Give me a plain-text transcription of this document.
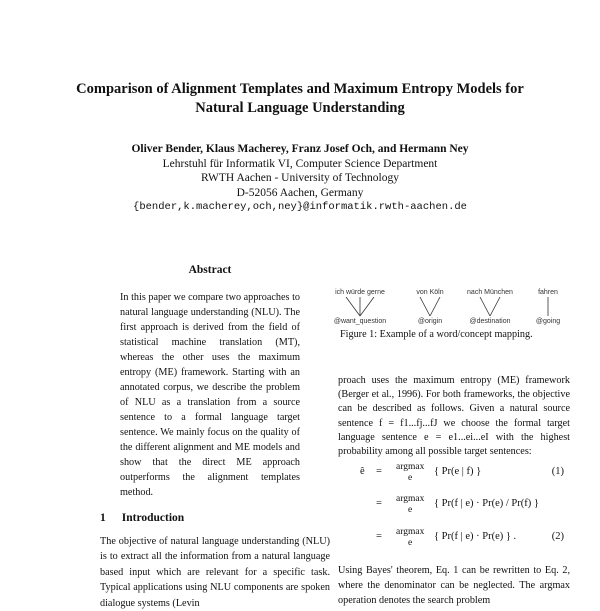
Comparison of Alignment Templates and Maximum Entropy Models for
Natural Language Understanding
Oliver Bender, Klaus Macherey, Franz Josef Och, and Hermann Ney
Lehrstuhl für Informatik VI, Computer Science Department
RWTH Aachen - University of Technology
D-52056 Aachen, Germany
{bender,k.macherey,och,ney}@informatik.rwth-aachen.de
Abstract
In this paper we compare two approaches to natural language understanding (NLU). The first approach is derived from the field of statistical machine translation (MT), whereas the other uses the maximum entropy (ME) framework. Starting with an annotated corpus, we describe the problem of NLU as a translation from a source sentence to a formal language target sentence. We mainly focus on the quality of the different alignment and ME models and show that the direct ME approach outperforms the alignment templates method.
1 Introduction
The objective of natural language understanding (NLU) is to extract all the information from a natural language based input which are relevant for a specific task. Typical applications using NLU components are spoken dialogue systems (Levin
ich würde gerne	von Köln	nach München	fahren
@want_question	@origin	@destination	@going
Figure 1: Example of a word/concept mapping.
proach uses the maximum entropy (ME) framework (Berger et al., 1996). For both frameworks, the objective can be described as follows. Given a natural source sentence f = f1...fj...fJ we choose the formal target language sentence e = e1...ei...eI with the highest probability among all possible target sentences:
ê = argmax
e
{ Pr(e | f) }	(1)
= argmax
e
{ Pr(f | e) · Pr(e) / Pr(f) }
= argmax
e
{ Pr(f | e) · Pr(e) } .	(2)
Using Bayes' theorem, Eq. 1 can be rewritten to Eq. 2, where the denominator can be neglected. The argmax operation denotes the search problem
